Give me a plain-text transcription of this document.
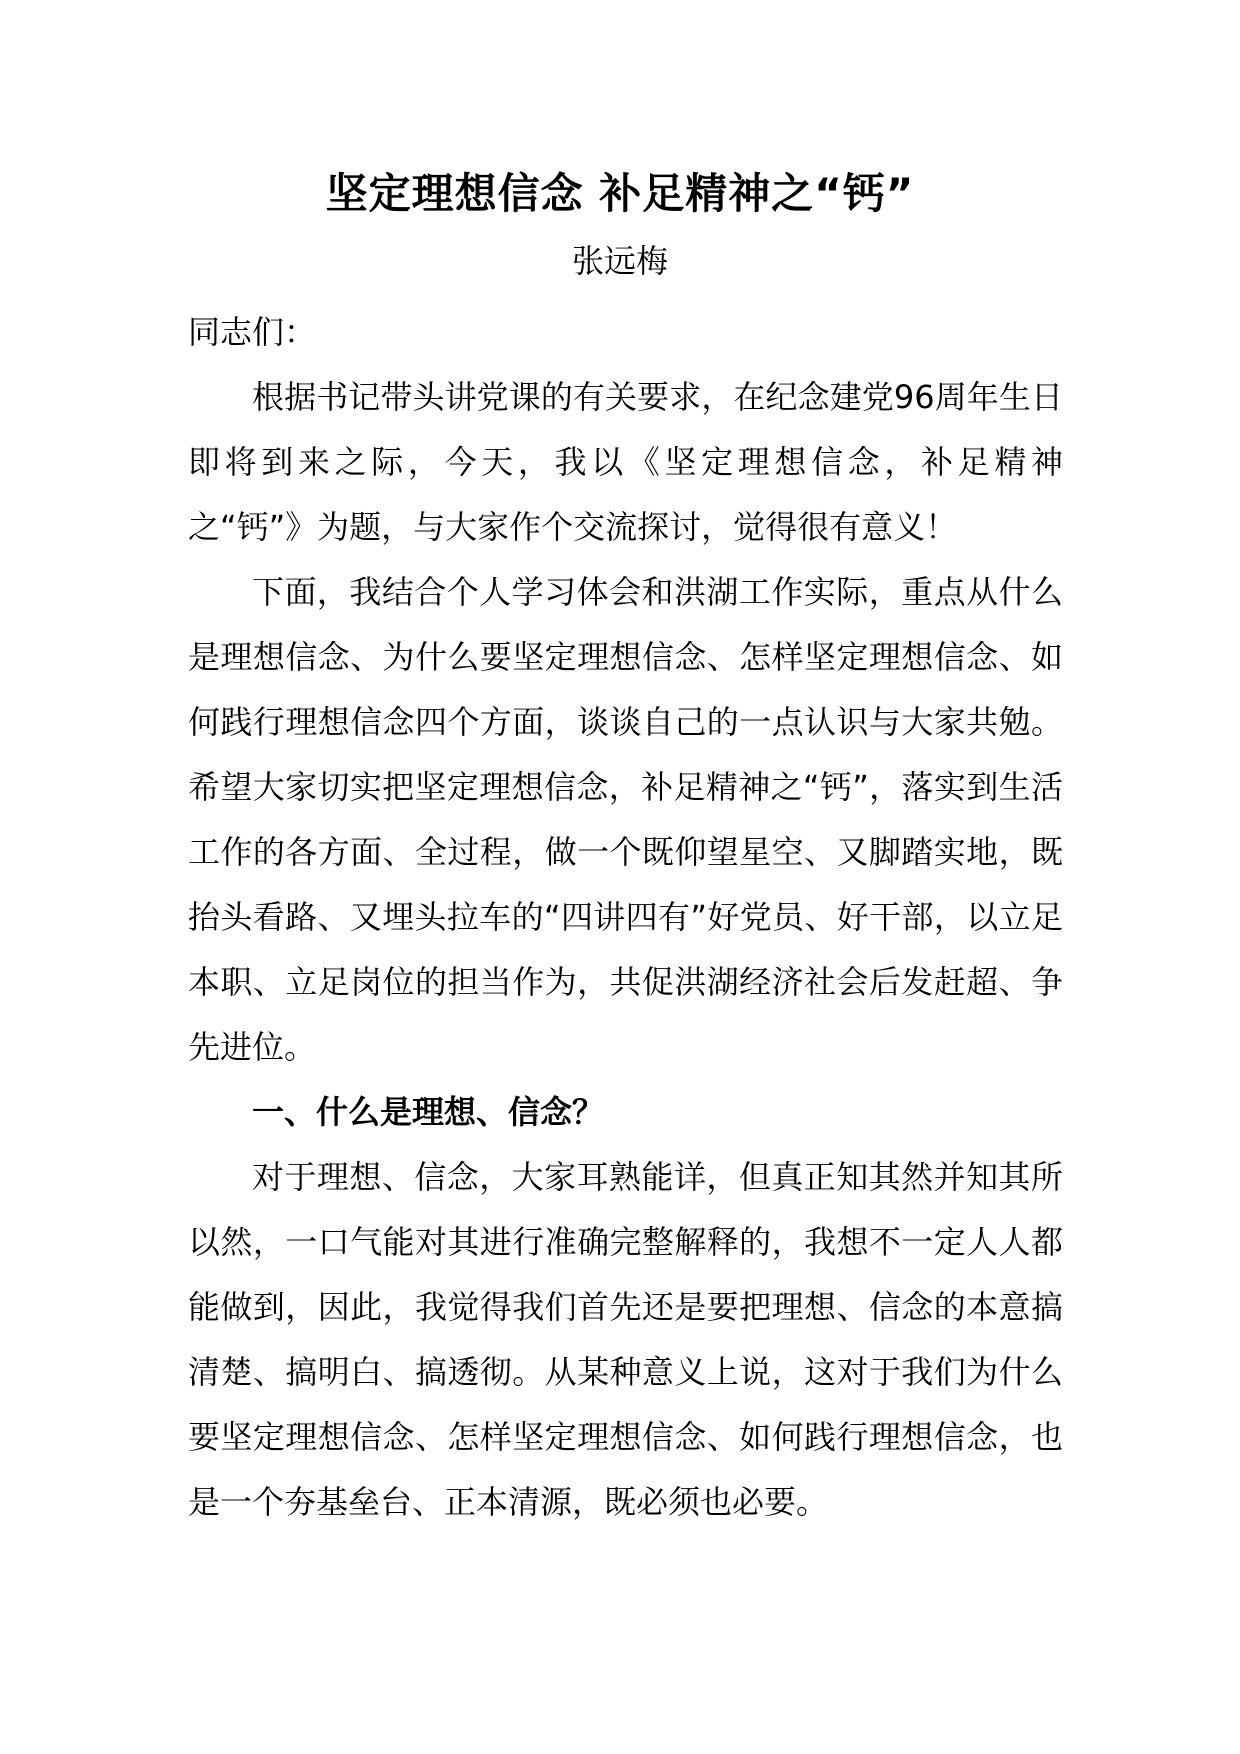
坚定理想信念 补足精神之“钙”
张远梅

同志们：

根据书记带头讲党课的有关要求，在纪念建党96周年生日即将到来之际，今天，我以《坚定理想信念，补足精神之“钙”》为题，与大家作个交流探讨，觉得很有意义！

下面，我结合个人学习体会和洪湖工作实际，重点从什么是理想信念、为什么要坚定理想信念、怎样坚定理想信念、如何践行理想信念四个方面，谈谈自己的一点认识与大家共勉。希望大家切实把坚定理想信念，补足精神之“钙”，落实到生活工作的各方面、全过程，做一个既仰望星空、又脚踏实地，既抬头看路、又埋头拉车的“四讲四有”好党员、好干部，以立足本职、立足岗位的担当作为，共促洪湖经济社会后发赶超、争先进位。

一、什么是理想、信念？

对于理想、信念，大家耳熟能详，但真正知其然并知其所以然，一口气能对其进行准确完整解释的，我想不一定人人都能做到，因此，我觉得我们首先还是要把理想、信念的本意搞清楚、搞明白、搞透彻。从某种意义上说，这对于我们为什么要坚定理想信念、怎样坚定理想信念、如何践行理想信念，也是一个夯基垒台、正本清源，既必须也必要。
